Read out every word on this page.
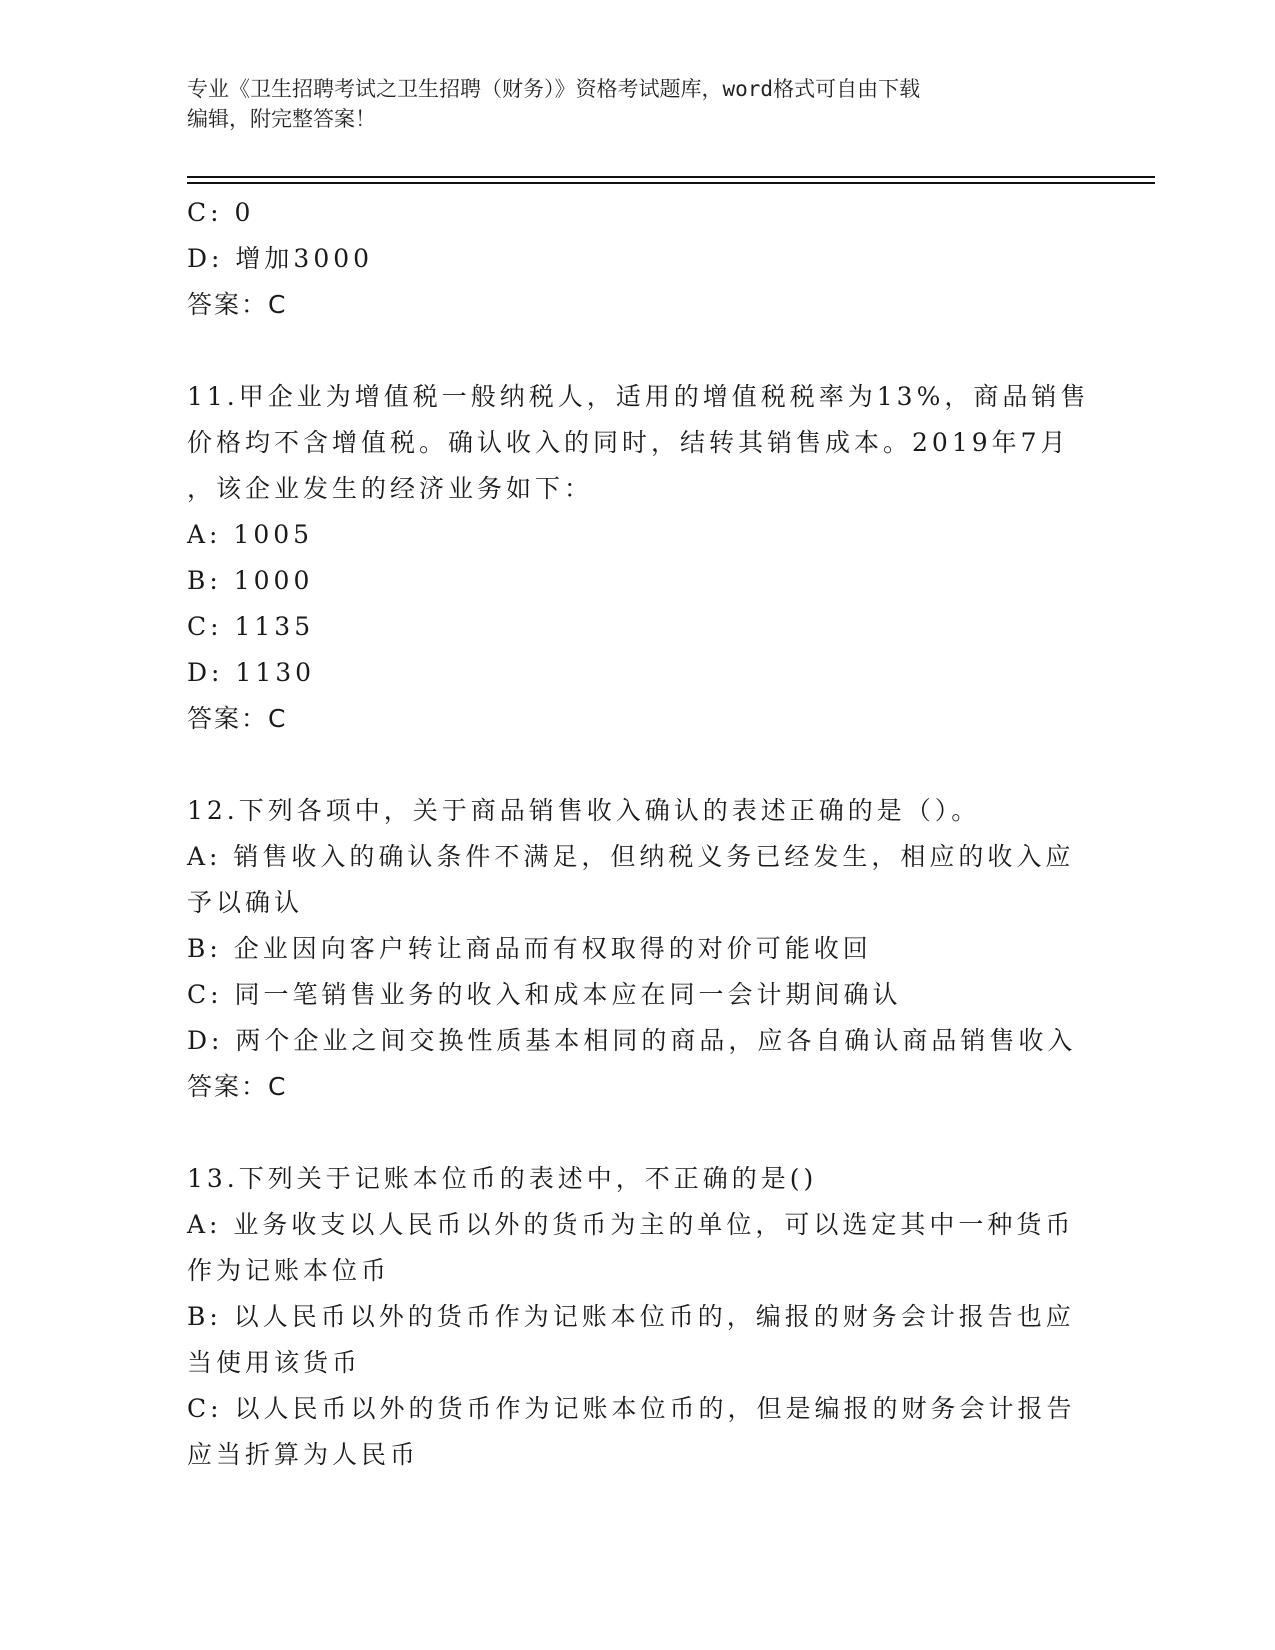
专业《卫生招聘考试之卫生招聘（财务）》资格考试题库，word格式可自由下载
编辑，附完整答案！

C: 0

D: 增加3000

答案：C

11.甲企业为增值税一般纳税人，适用的增值税税率为13%，商品销售

价格均不含增值税。确认收入的同时，结转其销售成本。2019年7月

，该企业发生的经济业务如下：

A: 1005

B: 1000

C: 1135

D: 1130

答案：C

12.下列各项中，关于商品销售收入确认的表述正确的是（）。

A: 销售收入的确认条件不满足，但纳税义务已经发生，相应的收入应

予以确认

B: 企业因向客户转让商品而有权取得的对价可能收回

C: 同一笔销售业务的收入和成本应在同一会计期间确认

D: 两个企业之间交换性质基本相同的商品，应各自确认商品销售收入

答案：C

13.下列关于记账本位币的表述中，不正确的是()

A: 业务收支以人民币以外的货币为主的单位，可以选定其中一种货币

作为记账本位币

B: 以人民币以外的货币作为记账本位币的，编报的财务会计报告也应

当使用该货币

C: 以人民币以外的货币作为记账本位币的，但是编报的财务会计报告

应当折算为人民币
